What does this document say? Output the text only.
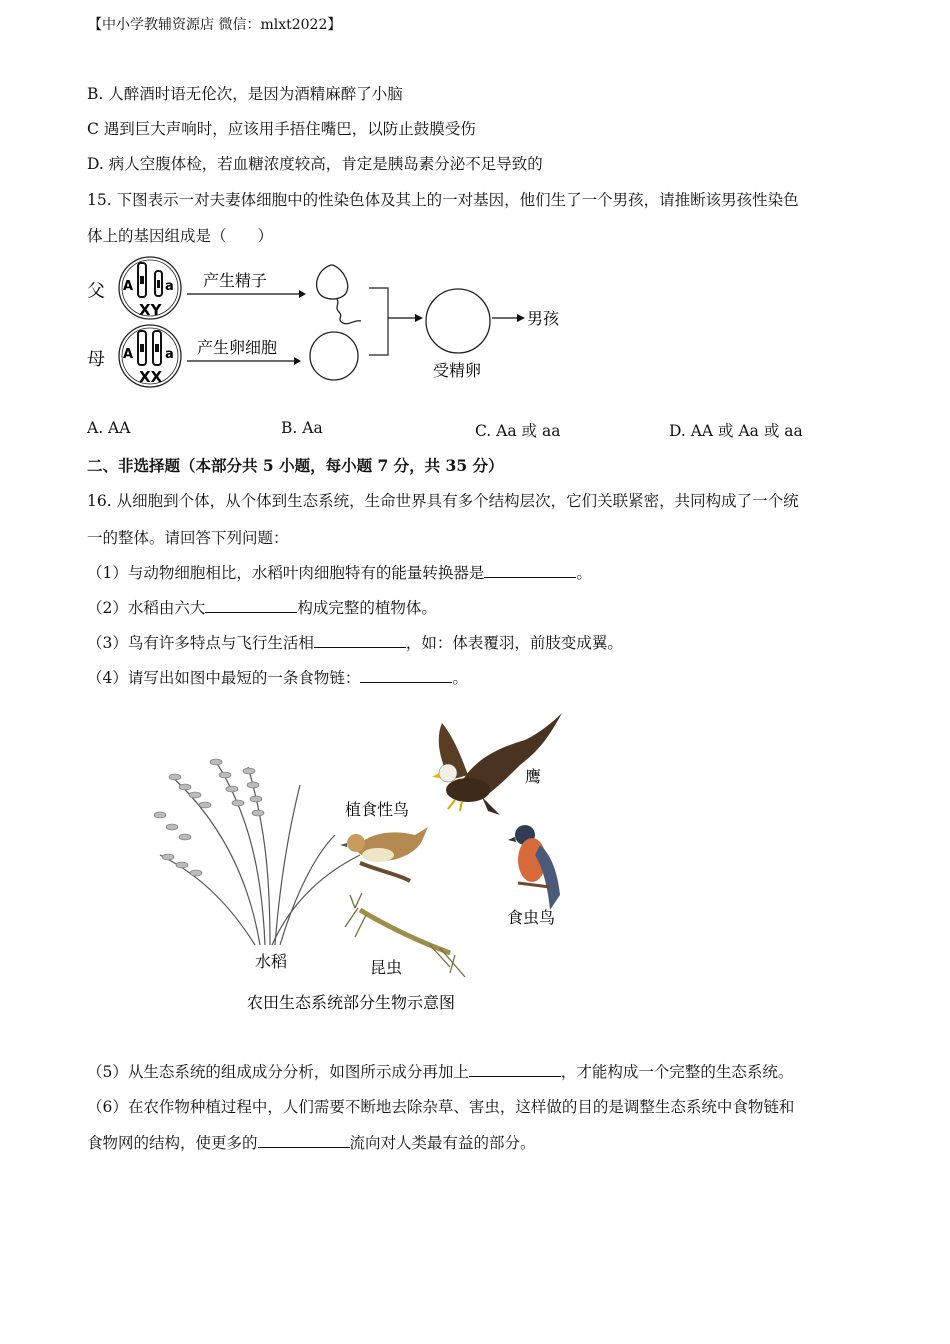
【中小学教辅资源店 微信：mlxt2022】
B. 人醉酒时语无伦次，是因为酒精麻醉了小脑
C 遇到巨大声响时，应该用手捂住嘴巴，以防止鼓膜受伤
D. 病人空腹体检，若血糖浓度较高，肯定是胰岛素分泌不足导致的
15. 下图表示一对夫妻体细胞中的性染色体及其上的一对基因，他们生了一个男孩，请推断该男孩性染色
体上的基因组成是（　　）
父
母
A a
XY
A a
XX
产生精子
产生卵细胞
受精卵
男孩
A. AA	B. Aa	C. Aa 或 aa	D. AA 或 Aa 或 aa
二、非选择题（本部分共 5 小题，每小题 7 分，共 35 分）
16. 从细胞到个体，从个体到生态系统，生命世界具有多个结构层次，它们关联紧密，共同构成了一个统
一的整体。请回答下列问题：
（1）与动物细胞相比，水稻叶肉细胞特有的能量转换器是	。
（2）水稻由六大	构成完整的植物体。
（3）鸟有许多特点与飞行生活相	，如：体表覆羽，前肢变成翼。
（4）请写出如图中最短的一条食物链：	。
鹰
植食性鸟
食虫鸟
水稻	昆虫
农田生态系统部分生物示意图
（5）从生态系统的组成成分分析，如图所示成分再加上	，才能构成一个完整的生态系统。
（6）在农作物种植过程中，人们需要不断地去除杂草、害虫，这样做的目的是调整生态系统中食物链和
食物网的结构，使更多的	流向对人类最有益的部分。
